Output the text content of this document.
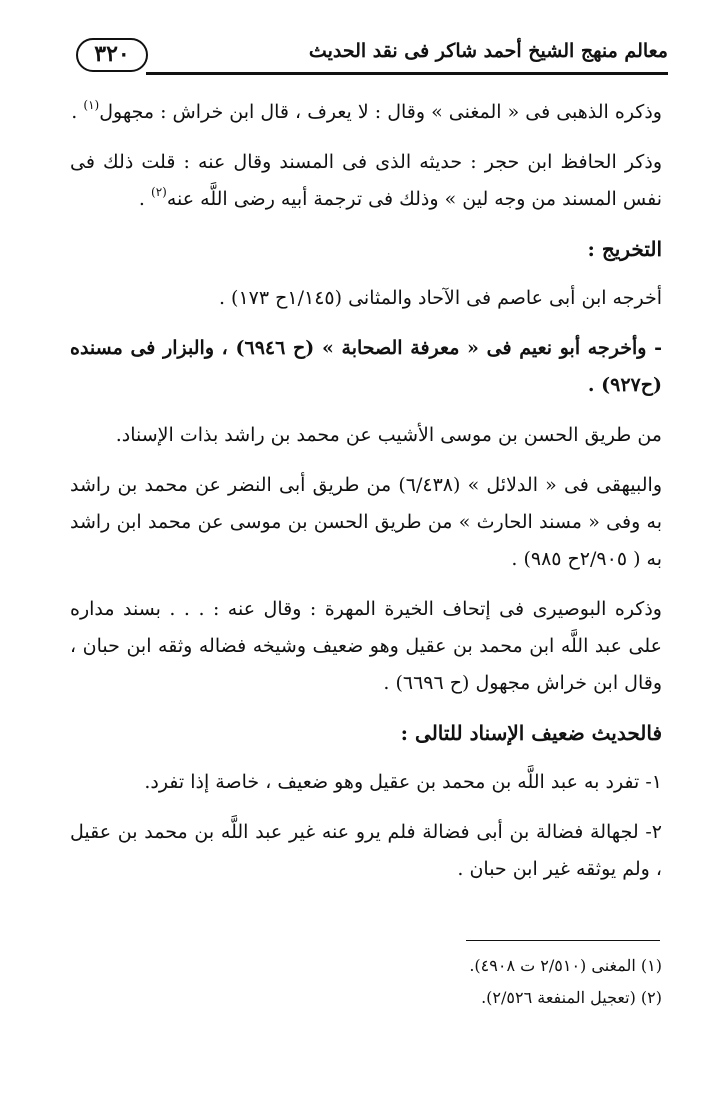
٣٢٠	معالم منهج الشيخ أحمد شاكر فى نقد الحديث

وذكره الذهبى فى « المغنى » وقال : لا يعرف ، قال ابن خراش : مجهول$^{(١)}$ .

وذكر الحافظ ابن حجر : حديثه الذى فى المسند وقال عنه : قلت ذلك فى نفس المسند من وجه لين » وذلك فى ترجمة أبيه رضى اللَّه عنه$^{(٢)}$ .

التخريج :

أخرجه ابن أبى عاصم فى الآحاد والمثانى (١/١٤٥ح ١٧٣) .

- وأخرجه أبو نعيم فى « معرفة الصحابة » (ح ٦٩٤٦) ، والبزار فى مسنده (ح٩٢٧) .

من طريق الحسن بن موسى الأشيب عن محمد بن راشد بذات الإسناد.

والبيهقى فى « الدلائل » (٦/٤٣٨) من طريق أبى النضر عن محمد بن راشد به وفى « مسند الحارث » من طريق الحسن بن موسى عن محمد ابن راشد به ( ٢/٩٠٥ح ٩٨٥) .

وذكره البوصيرى فى إتحاف الخيرة المهرة : وقال عنه : . . . بسند مداره على عبد اللَّه ابن محمد بن عقيل وهو ضعيف وشيخه فضاله وثقه ابن حبان ، وقال ابن خراش مجهول (ح ٦٦٩٦) .

فالحديث ضعيف الإسناد للتالى :

١- تفرد به عبد اللَّه بن محمد بن عقيل وهو ضعيف ، خاصة إذا تفرد.

٢- لجهالة فضالة بن أبى فضالة فلم يرو عنه غير عبد اللَّه بن محمد بن عقيل ، ولم يوثقه غير ابن حبان .

(١) المغنى (٢/٥١٠ ت ٤٩٠٨).

(٢) (تعجيل المنفعة ٢/٥٢٦).
